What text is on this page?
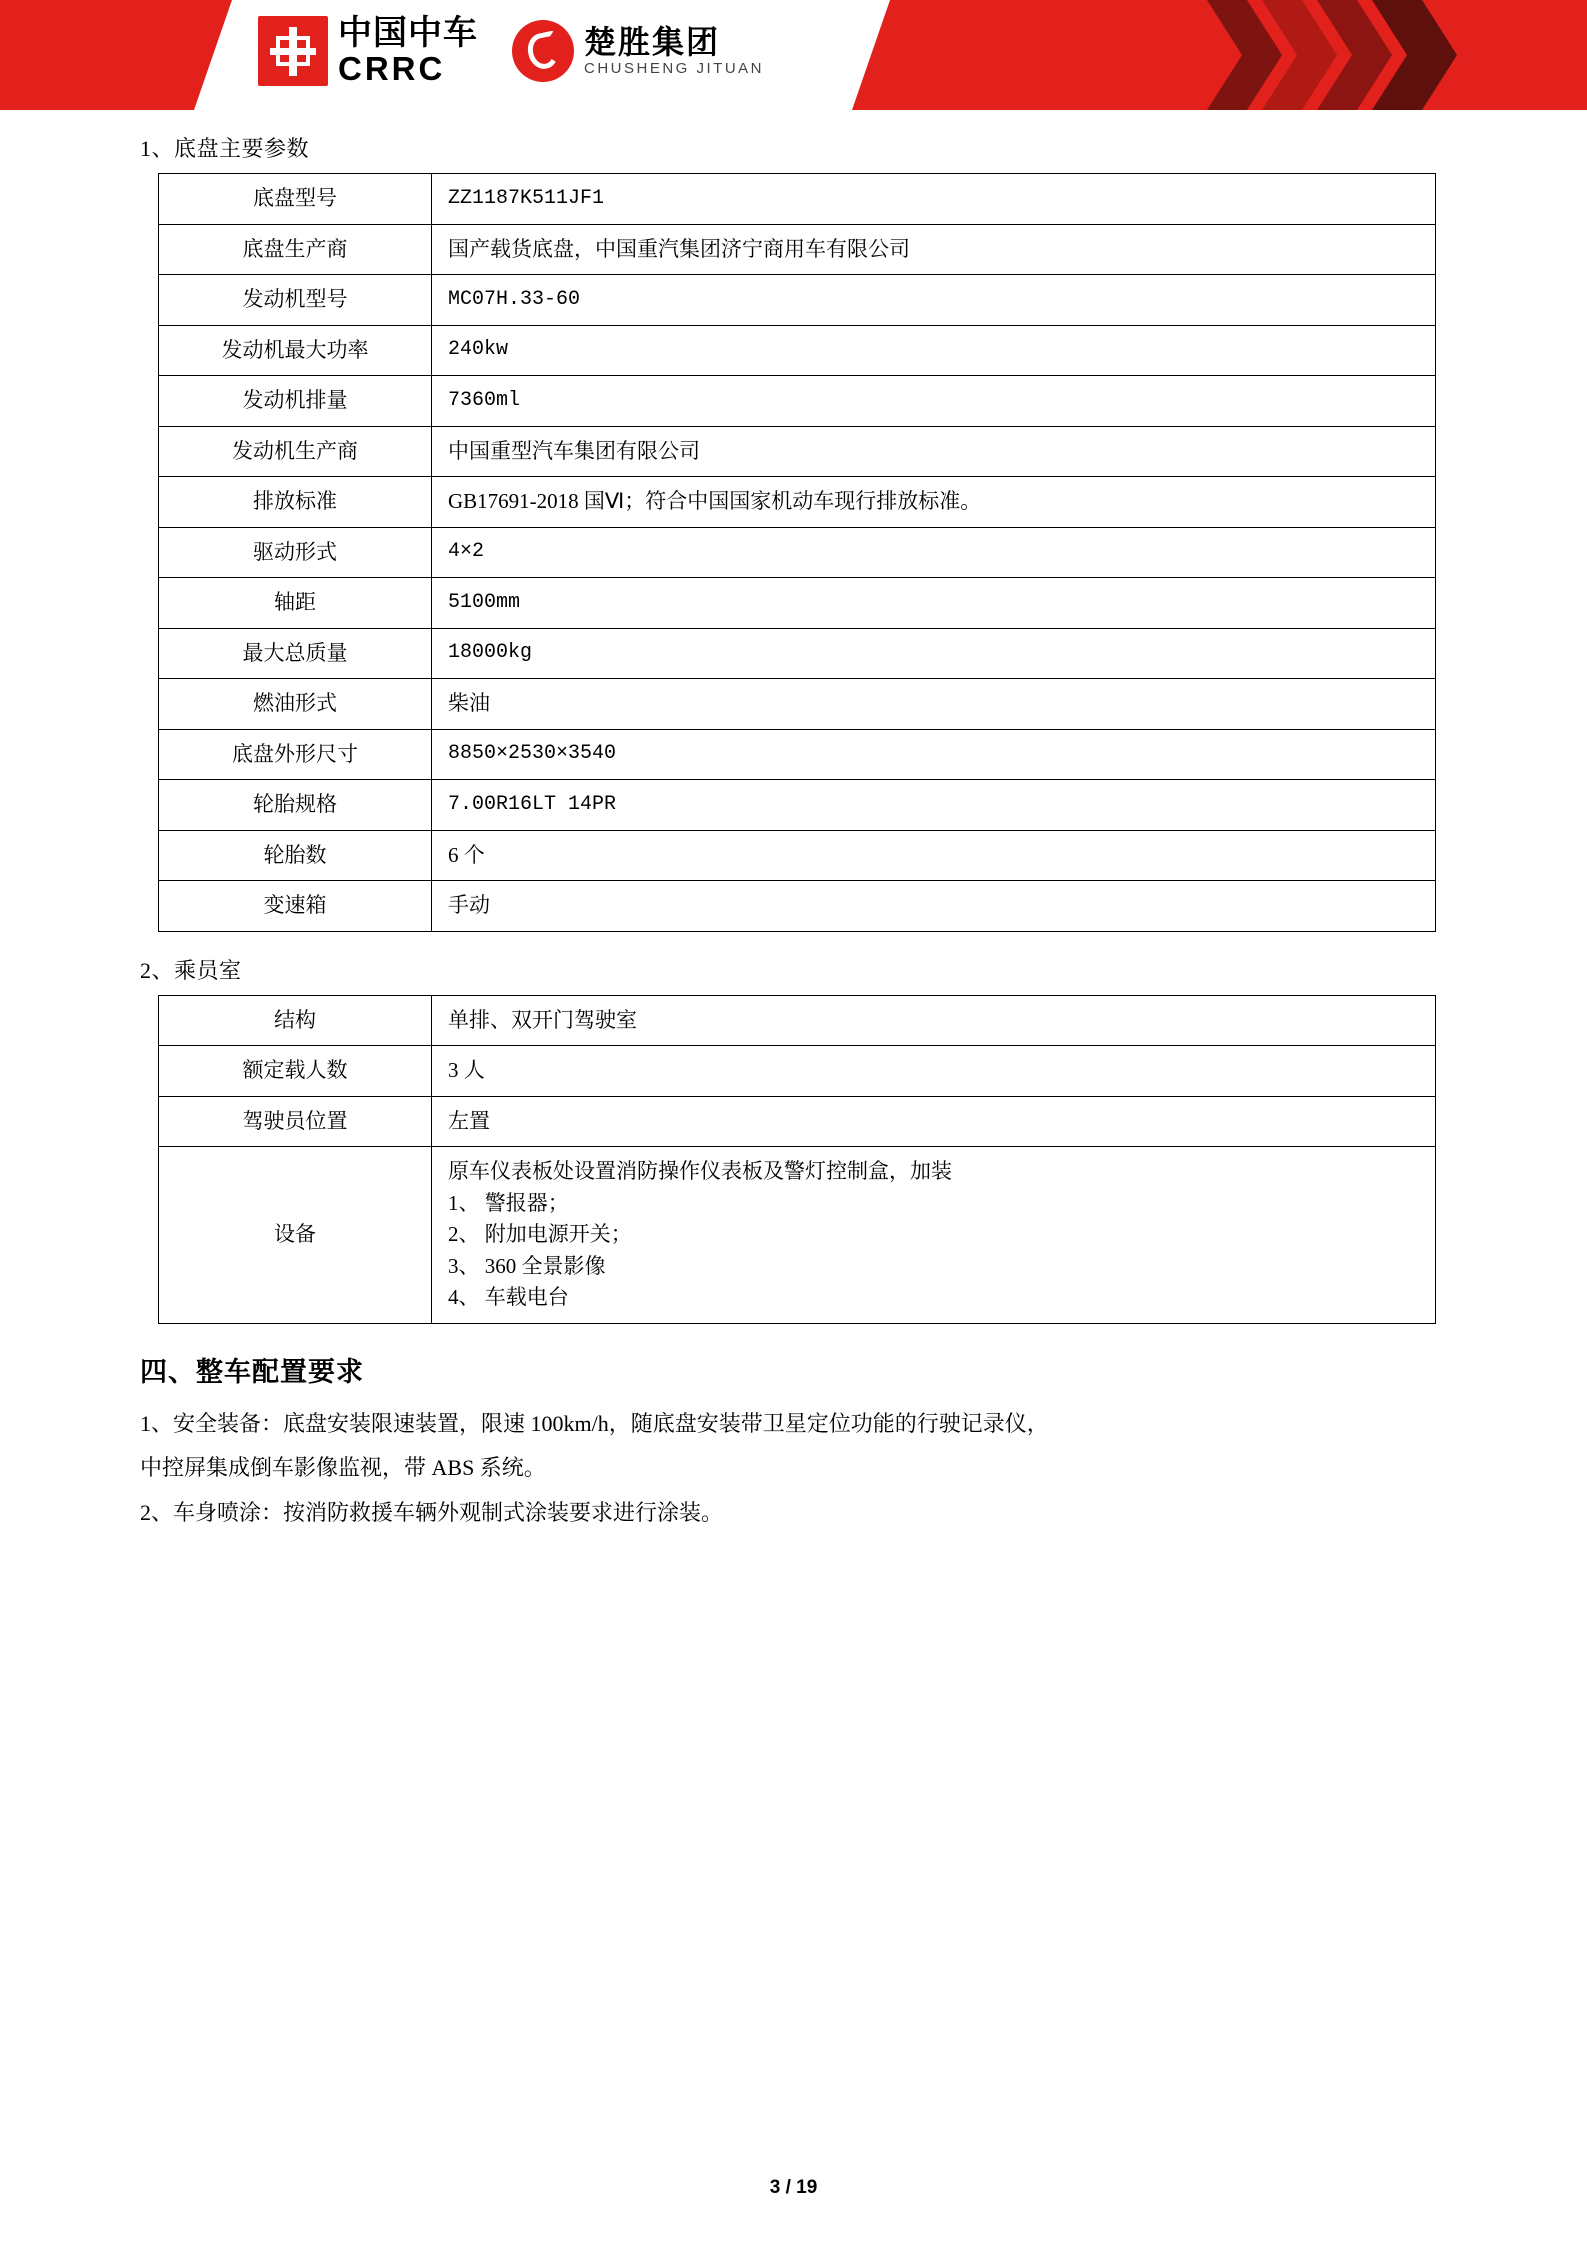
中国中车
CRRC
楚胜集团
CHUSHENG JITUAN
1、底盘主要参数
底盘型号	ZZ1187K511JF1
底盘生产商	国产载货底盘，中国重汽集团济宁商用车有限公司
发动机型号	MC07H.33-60
发动机最大功率	240kw
发动机排量	7360ml
发动机生产商	中国重型汽车集团有限公司
排放标准	GB17691-2018 国Ⅵ；符合中国国家机动车现行排放标准。
驱动形式	4×2
轴距	5100mm
最大总质量	18000kg
燃油形式	柴油
底盘外形尺寸	8850×2530×3540
轮胎规格	7.00R16LT 14PR
轮胎数	6 个
变速箱	手动
2、乘员室
结构	单排、双开门驾驶室
额定载人数	3 人
驾驶员位置	左置
设备	原车仪表板处设置消防操作仪表板及警灯控制盒，加装
1、 警报器；
2、 附加电源开关；
3、 360 全景影像
4、 车载电台
四、整车配置要求

1、安全装备：底盘安装限速装置，限速 100km/h，随底盘安装带卫星定位功能的行驶记录仪，

中控屏集成倒车影像监视，带 ABS 系统。

2、车身喷涂：按消防救援车辆外观制式涂装要求进行涂装。

3 / 19
